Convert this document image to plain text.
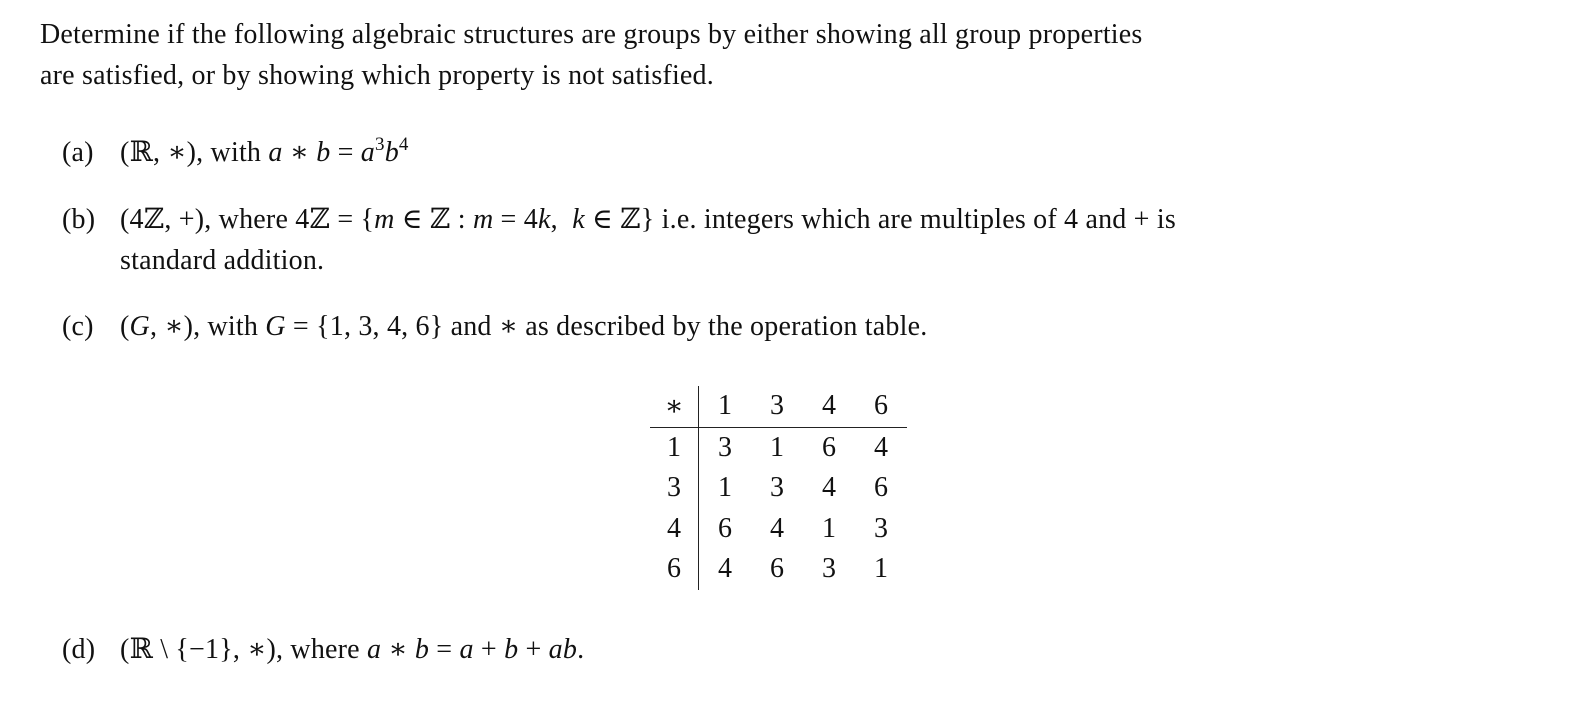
Determine if the following algebraic structures are groups by either showing all group properties
are satisfied, or by showing which property is not satisfied.
(a) (ℝ, ∗), with a ∗ $b = a^3b^4$
(b) (4ℤ, +), where 4ℤ = {m ∈ ℤ : m = 4k,  k ∈ ℤ} i.e. integers which are multiples of 4 and + is
standard addition.
(c) (G, ∗), with G = {1, 3, 4, 6} and ∗ as described by the operation table.
∗	1	3	4	6
1	3	1	6	4
3	1	3	4	6
4	6	4	1	3
6	4	6	3	1
(d) (ℝ \ {−1}, ∗), where a ∗ b = a + b + ab.
